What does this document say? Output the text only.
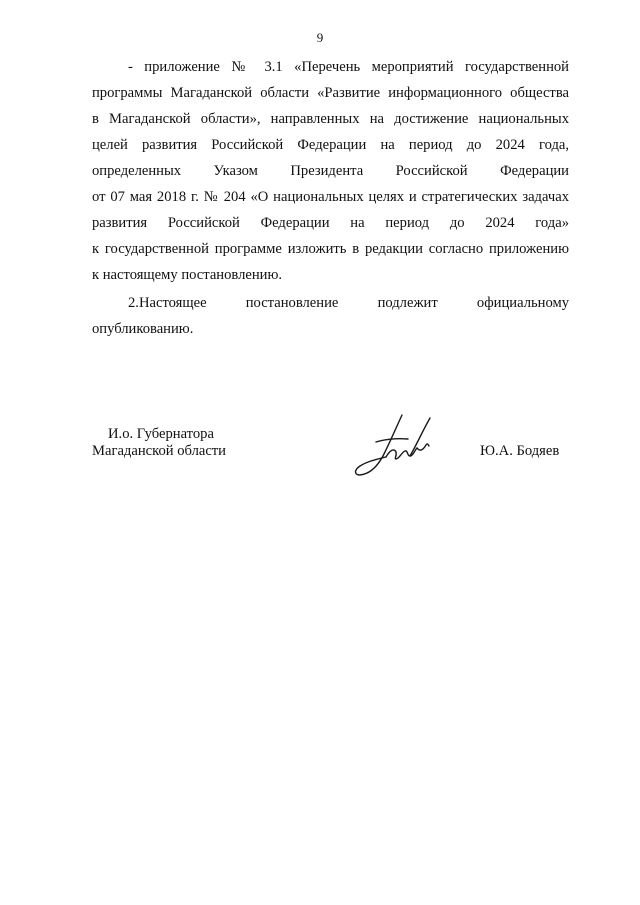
9
- приложение № 3.1 «Перечень мероприятий государственной
программы Магаданской области «Развитие информационного общества
в Магаданской области», направленных на достижение национальных
целей развития Российской Федерации на период до 2024 года,
определенных Указом Президента Российской Федерации
от 07 мая 2018 г. № 204 «О национальных целях и стратегических задачах
развития Российской Федерации на период до 2024 года»
к государственной программе изложить в редакции согласно приложению
к настоящему постановлению.
2.Настоящее постановление подлежит официальному
опубликованию.
И.о. Губернатора
Магаданской области	Ю.А. Бодяев
